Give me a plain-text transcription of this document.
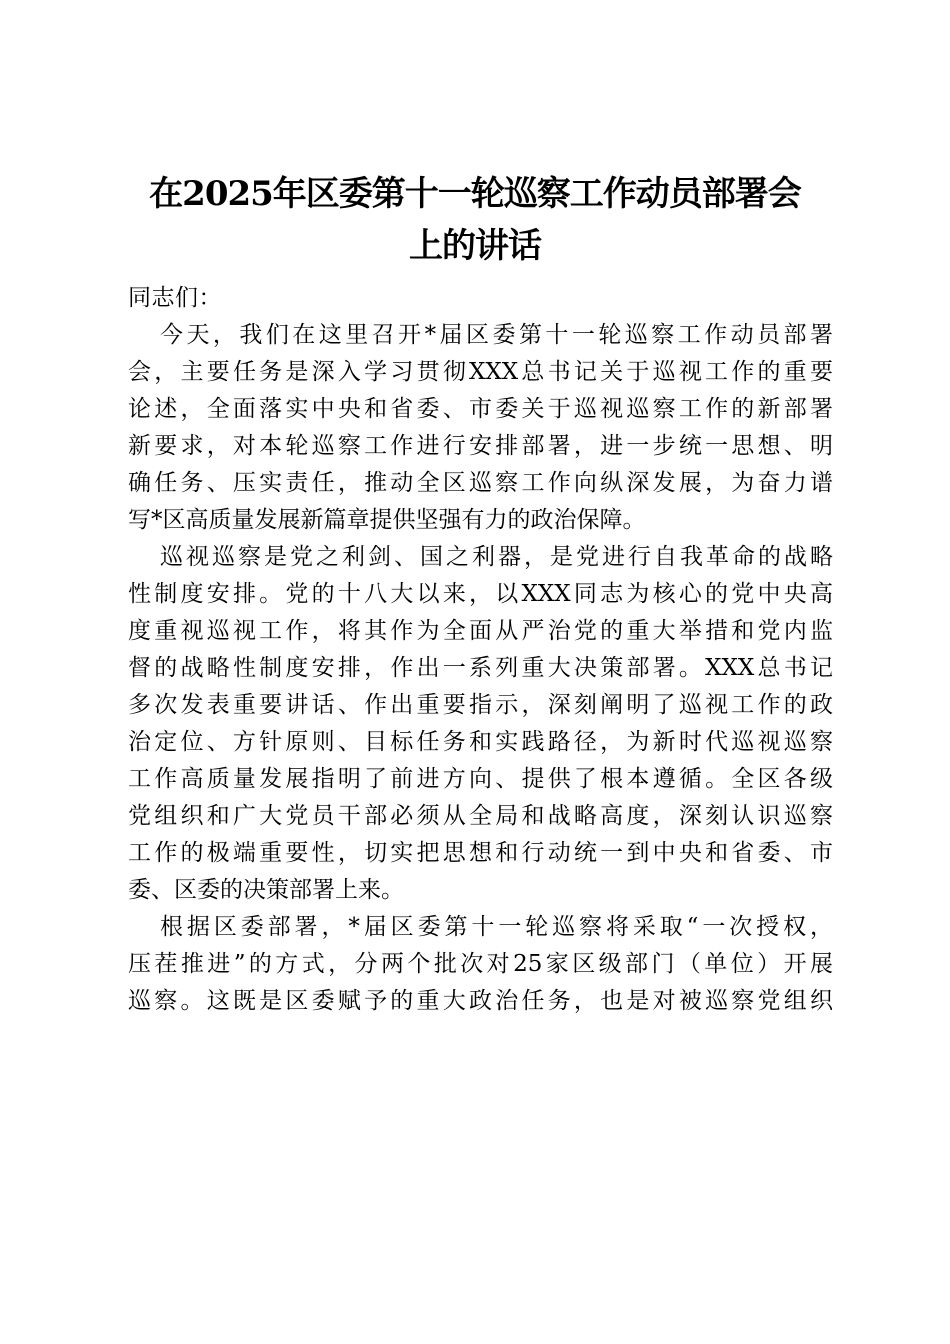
在2025年区委第十一轮巡察工作动员部署会
上的讲话
同志们：
今天，我们在这里召开*届区委第十一轮巡察工作动员部署
会，主要任务是深入学习贯彻XXX总书记关于巡视工作的重要
论述，全面落实中央和省委、市委关于巡视巡察工作的新部署
新要求，对本轮巡察工作进行安排部署，进一步统一思想、明
确任务、压实责任，推动全区巡察工作向纵深发展，为奋力谱
写*区高质量发展新篇章提供坚强有力的政治保障。
巡视巡察是党之利剑、国之利器，是党进行自我革命的战略
性制度安排。党的十八大以来，以XXX同志为核心的党中央高
度重视巡视工作，将其作为全面从严治党的重大举措和党内监
督的战略性制度安排，作出一系列重大决策部署。XXX总书记
多次发表重要讲话、作出重要指示，深刻阐明了巡视工作的政
治定位、方针原则、目标任务和实践路径，为新时代巡视巡察
工作高质量发展指明了前进方向、提供了根本遵循。全区各级
党组织和广大党员干部必须从全局和战略高度，深刻认识巡察
工作的极端重要性，切实把思想和行动统一到中央和省委、市
委、区委的决策部署上来。
根据区委部署，*届区委第十一轮巡察将采取“一次授权，
压茬推进”的方式，分两个批次对25家区级部门（单位）开展
巡察。这既是区委赋予的重大政治任务，也是对被巡察党组织
